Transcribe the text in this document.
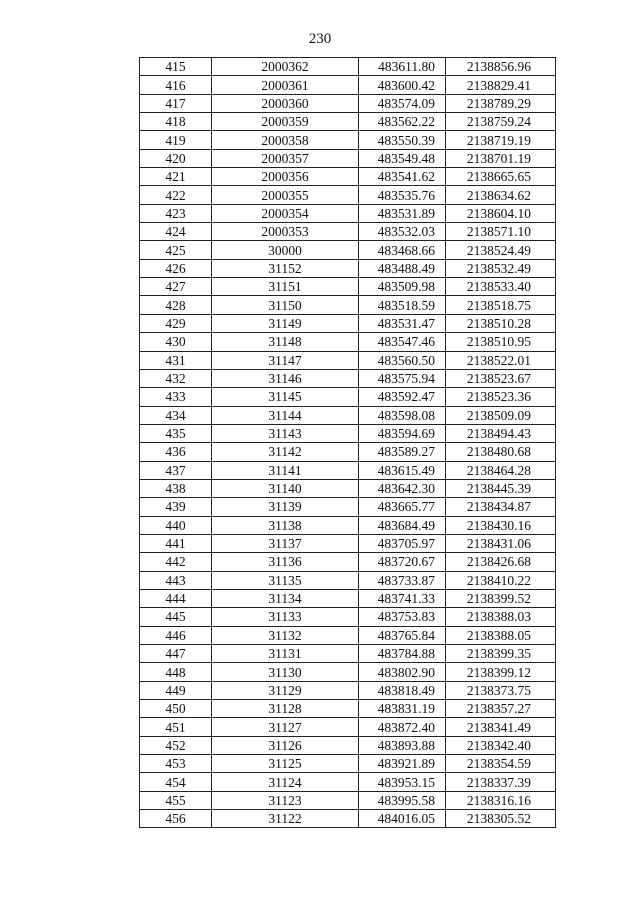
230
415	2000362	483611.80	2138856.96
416	2000361	483600.42	2138829.41
417	2000360	483574.09	2138789.29
418	2000359	483562.22	2138759.24
419	2000358	483550.39	2138719.19
420	2000357	483549.48	2138701.19
421	2000356	483541.62	2138665.65
422	2000355	483535.76	2138634.62
423	2000354	483531.89	2138604.10
424	2000353	483532.03	2138571.10
425	30000	483468.66	2138524.49
426	31152	483488.49	2138532.49
427	31151	483509.98	2138533.40
428	31150	483518.59	2138518.75
429	31149	483531.47	2138510.28
430	31148	483547.46	2138510.95
431	31147	483560.50	2138522.01
432	31146	483575.94	2138523.67
433	31145	483592.47	2138523.36
434	31144	483598.08	2138509.09
435	31143	483594.69	2138494.43
436	31142	483589.27	2138480.68
437	31141	483615.49	2138464.28
438	31140	483642.30	2138445.39
439	31139	483665.77	2138434.87
440	31138	483684.49	2138430.16
441	31137	483705.97	2138431.06
442	31136	483720.67	2138426.68
443	31135	483733.87	2138410.22
444	31134	483741.33	2138399.52
445	31133	483753.83	2138388.03
446	31132	483765.84	2138388.05
447	31131	483784.88	2138399.35
448	31130	483802.90	2138399.12
449	31129	483818.49	2138373.75
450	31128	483831.19	2138357.27
451	31127	483872.40	2138341.49
452	31126	483893.88	2138342.40
453	31125	483921.89	2138354.59
454	31124	483953.15	2138337.39
455	31123	483995.58	2138316.16
456	31122	484016.05	2138305.52
